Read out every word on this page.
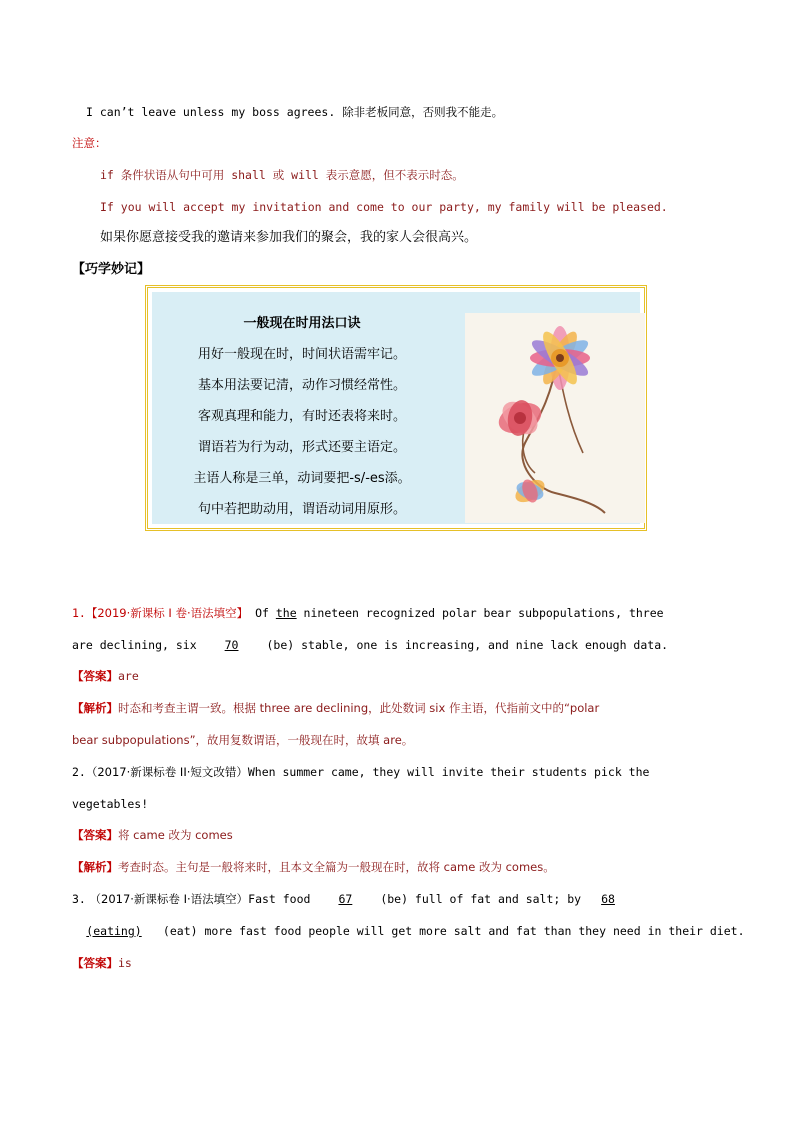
I can’t leave unless my boss agrees. 除非老板同意，否则我不能走。
注意：
if 条件状语从句中可用 shall 或 will 表示意愿，但不表示时态。
If you will accept my invitation and come to our party, my family will be pleased.
如果你愿意接受我的邀请来参加我们的聚会，我的家人会很高兴。
【巧学妙记】
一般现在时用法口诀
用好一般现在时，时间状语需牢记。
基本用法要记清，动作习惯经常性。
客观真理和能力，有时还表将来时。
谓语若为行为动，形式还要主语定。
主语人称是三单，动词要把-s/-es添。
句中若把助动用，谓语动词用原形。
1.【2019·新课标 I 卷·语法填空】 Of the nineteen recognized polar bear subpopulations, three
are declining, six 70 (be) stable, one is increasing, and nine lack enough data.
【答案】are
【解析】时态和考查主谓一致。根据 three are declining，此处数词 six 作主语，代指前文中的“polar
bear subpopulations”，故用复数谓语，一般现在时，故填 are。
2.（2017·新课标卷 II·短文改错）When summer came, they will invite their students pick the
vegetables!
【答案】将 came 改为 comes
【解析】考查时态。主句是一般将来时，且本文全篇为一般现在时，故将 came 改为 comes。
3. （2017·新课标卷 I·语法填空）Fast food 67 (be) full of fat and salt; by 68
(eating) (eat) more fast food people will get more salt and fat than they need in their diet.
【答案】is
